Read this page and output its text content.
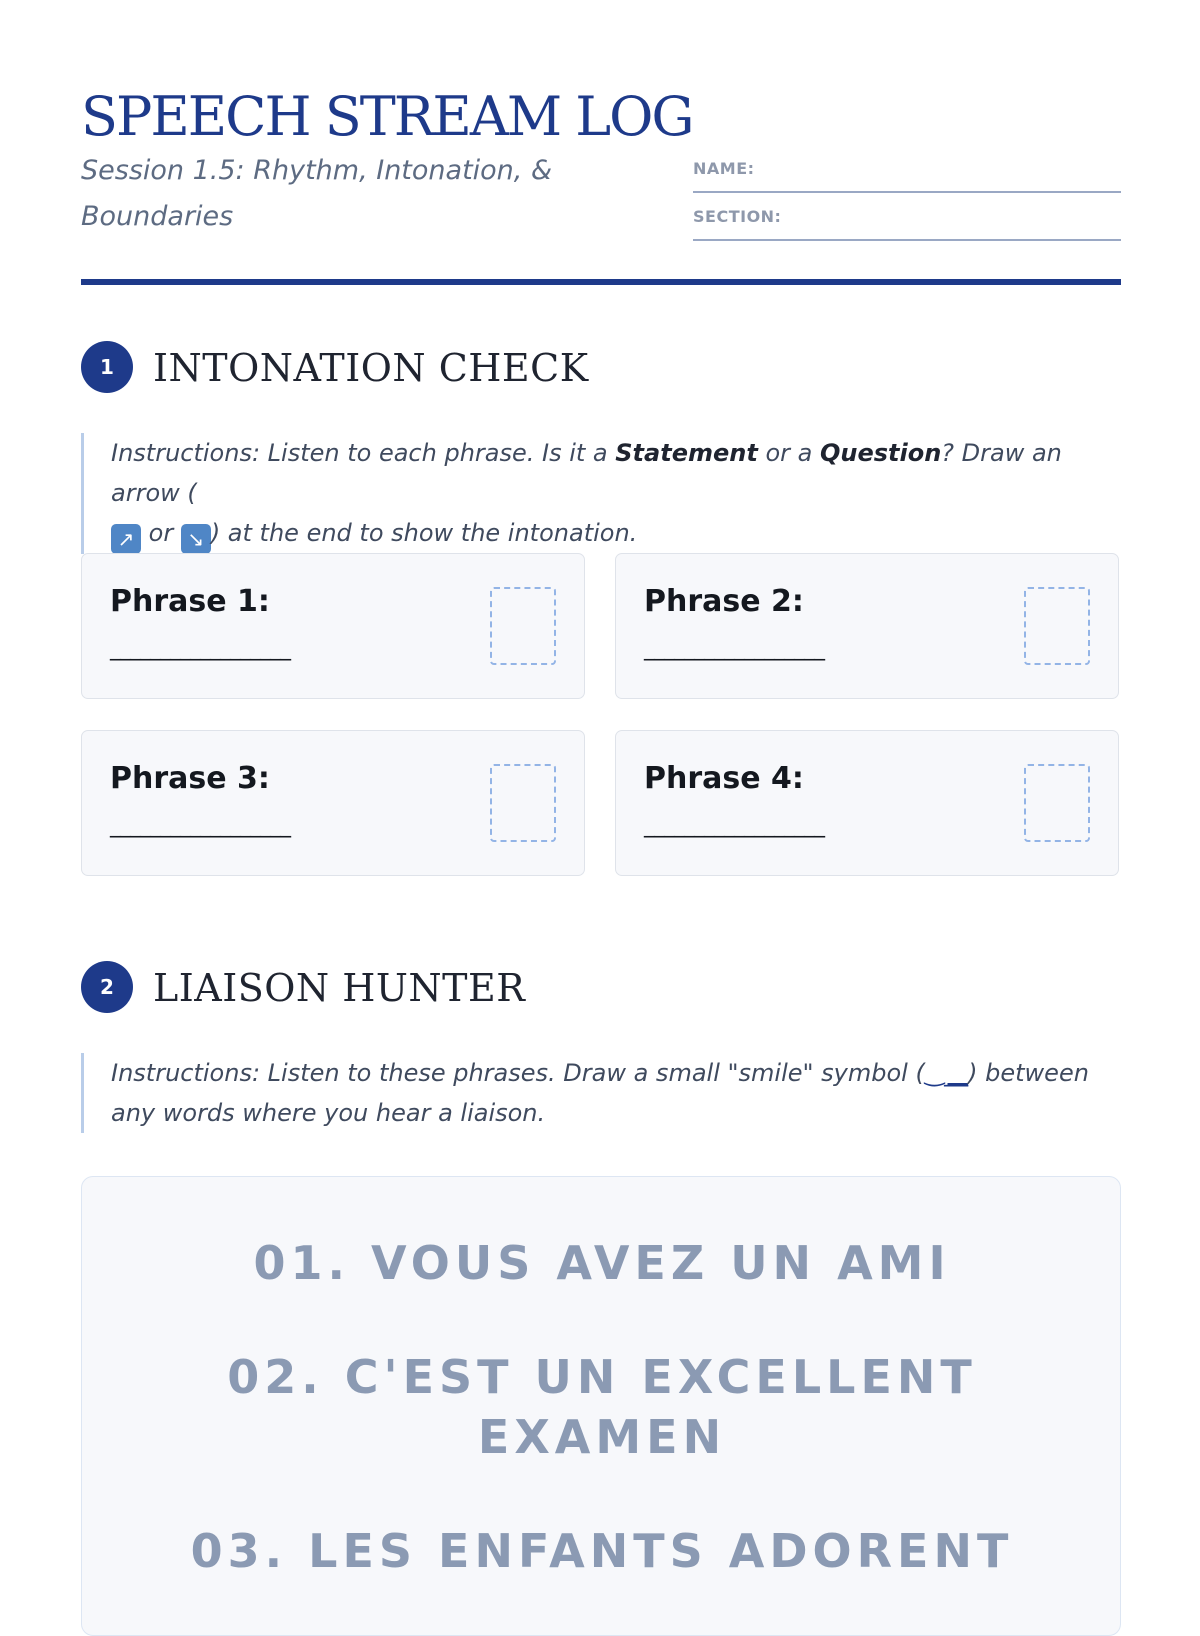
SPEECH STREAM LOG
Session 1.5: Rhythm, Intonation, & Boundaries
NAME:
SECTION:
1	INTONATION CHECK
Instructions: Listen to each phrase. Is it a Statement or a Question? Draw an arrow (
↗ or ↘ ) at the end to show the intonation.
Phrase 1:
__________________
Phrase 2:
__________________
Phrase 3:
__________________
Phrase 4:
__________________
2	LIAISON HUNTER
Instructions: Listen to these phrases. Draw a small "smile" symbol (‿__) between any words where you hear a liaison.
01. VOUS AVEZ UN AMI
02. C'EST UN EXCELLENT EXAMEN
03. LES ENFANTS ADORENT
